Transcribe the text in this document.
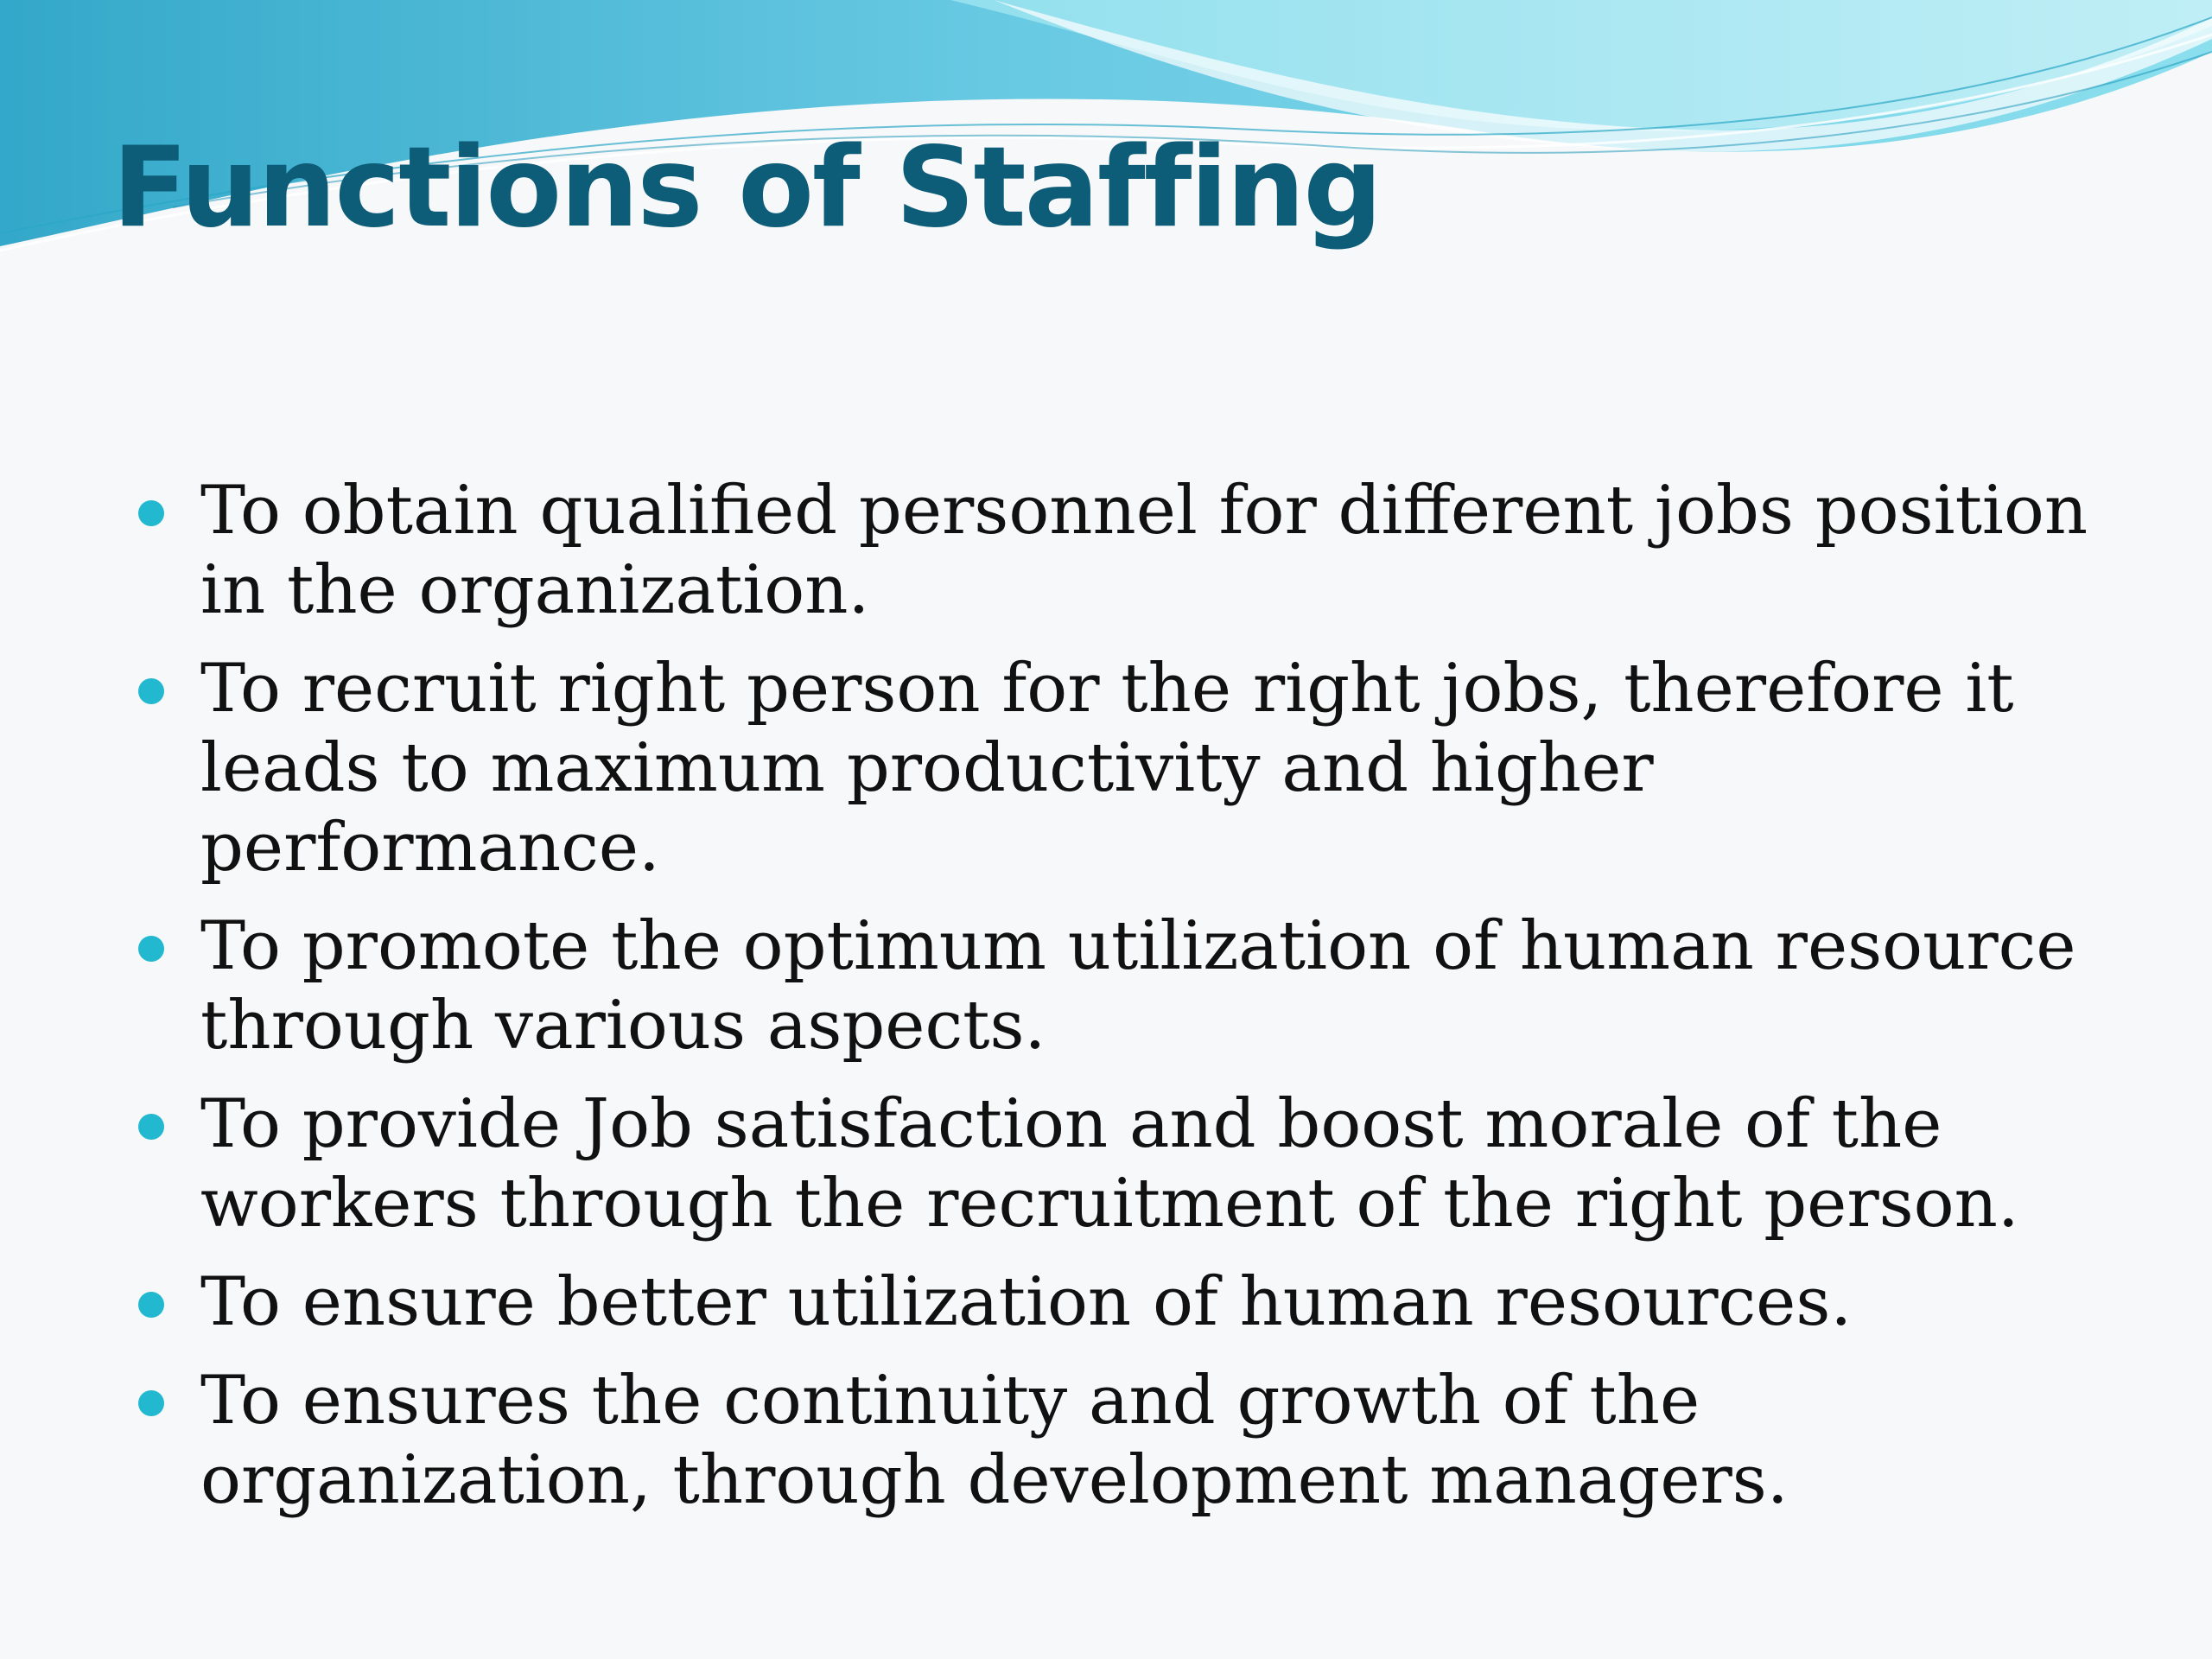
Functions of Staffing
To obtain qualified personnel for different jobs position in the organization.
To recruit right person for the right jobs, therefore it leads to maximum productivity and higher performance.
To promote the optimum utilization of human resource through various aspects.
To provide Job satisfaction and boost morale of the workers through the recruitment of the right person.
To ensure better utilization of human resources.
To ensures the continuity and growth of the organization, through development managers.
